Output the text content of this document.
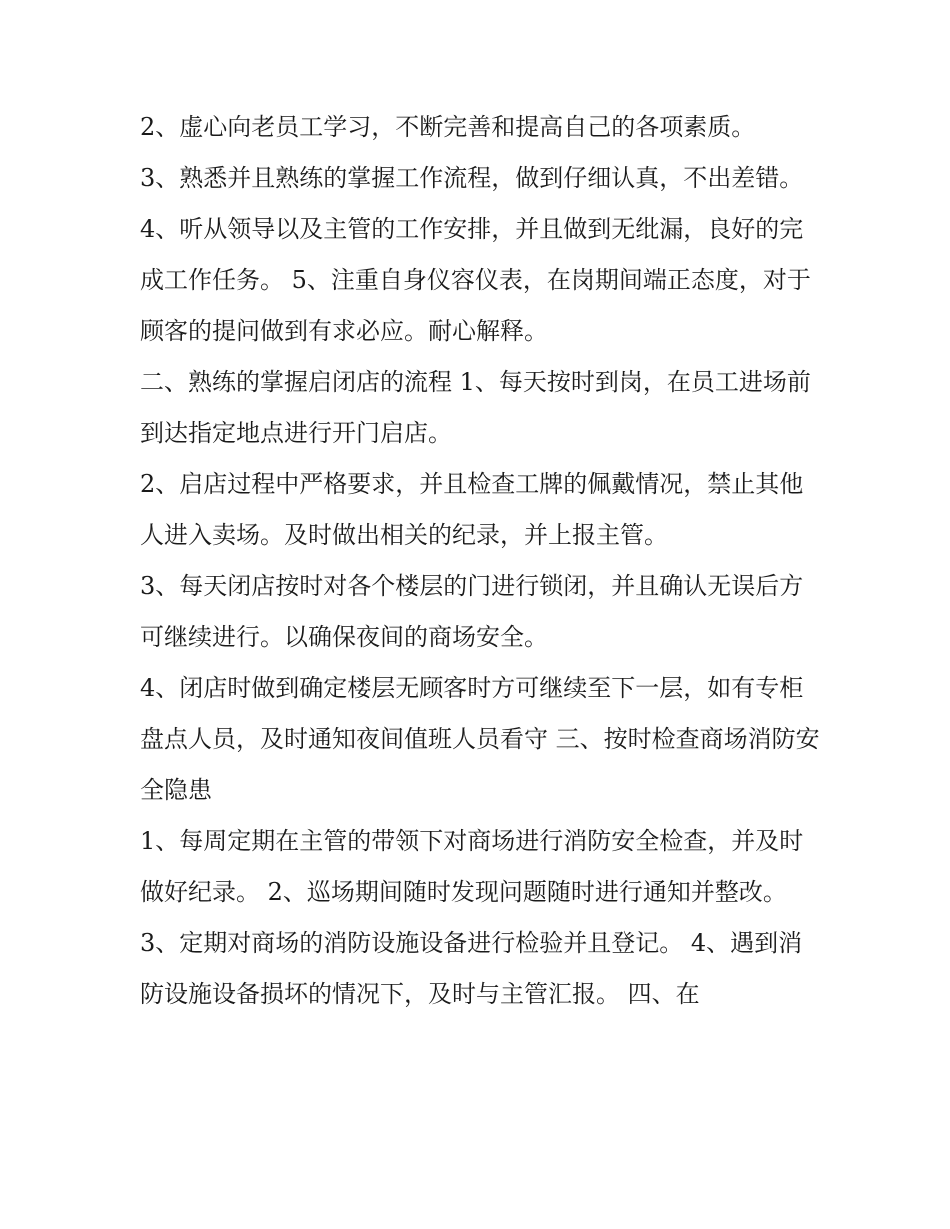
2、虚心向老员工学习，不断完善和提高自己的各项素质。

3、熟悉并且熟练的掌握工作流程，做到仔细认真，不出差错。

4、听从领导以及主管的工作安排，并且做到无纰漏，良好的完成工作任务。 5、注重自身仪容仪表，在岗期间端正态度，对于顾客的提问做到有求必应。耐心解释。

二、熟练的掌握启闭店的流程 1、每天按时到岗，在员工进场前到达指定地点进行开门启店。

2、启店过程中严格要求，并且检查工牌的佩戴情况，禁止其他人进入卖场。及时做出相关的纪录，并上报主管。

3、每天闭店按时对各个楼层的门进行锁闭，并且确认无误后方可继续进行。以确保夜间的商场安全。

4、闭店时做到确定楼层无顾客时方可继续至下一层，如有专柜盘点人员，及时通知夜间值班人员看守 三、按时检查商场消防安全隐患

1、每周定期在主管的带领下对商场进行消防安全检查，并及时做好纪录。 2、巡场期间随时发现问题随时进行通知并整改。

3、定期对商场的消防设施设备进行检验并且登记。 4、遇到消防设施设备损坏的情况下，及时与主管汇报。 四、在
